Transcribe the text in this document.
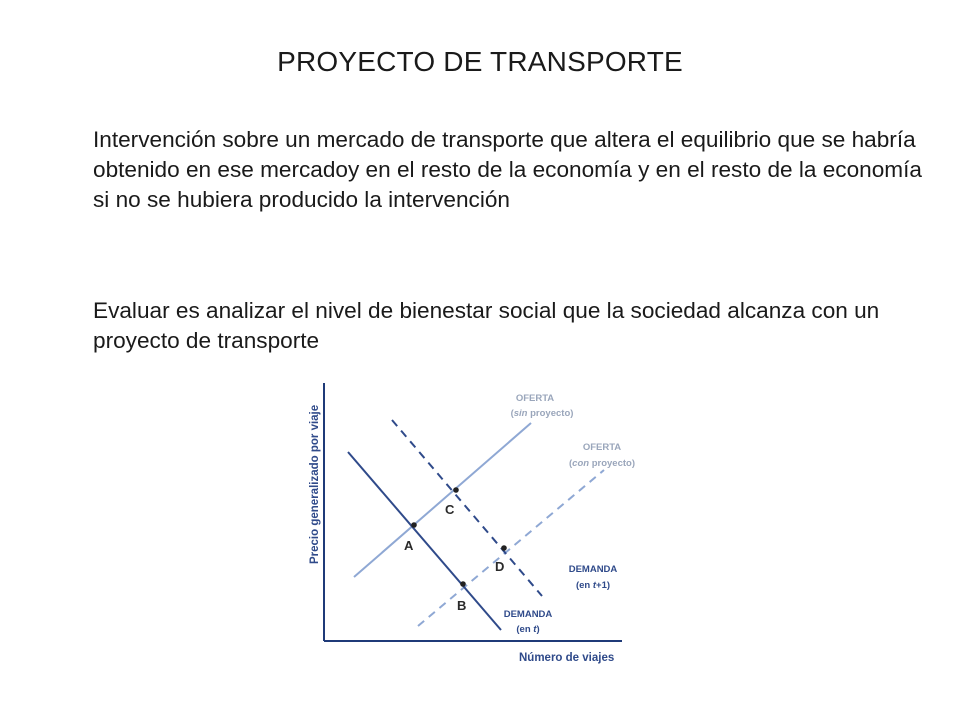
PROYECTO DE TRANSPORTE
Intervención sobre un mercado de transporte que altera el equilibrio que se habría obtenido en ese mercadoy en el resto de la economía y en el resto de la economía si no se hubiera producido la intervención
Evaluar es analizar el nivel de bienestar social que la sociedad alcanza con un proyecto de transporte
Precio generalizado por viaje
Número de viajes
A
B
C
D
OFERTA
(sin proyecto)
OFERTA
(con proyecto)
DEMANDA
(en t+1)
DEMANDA
(en t)
